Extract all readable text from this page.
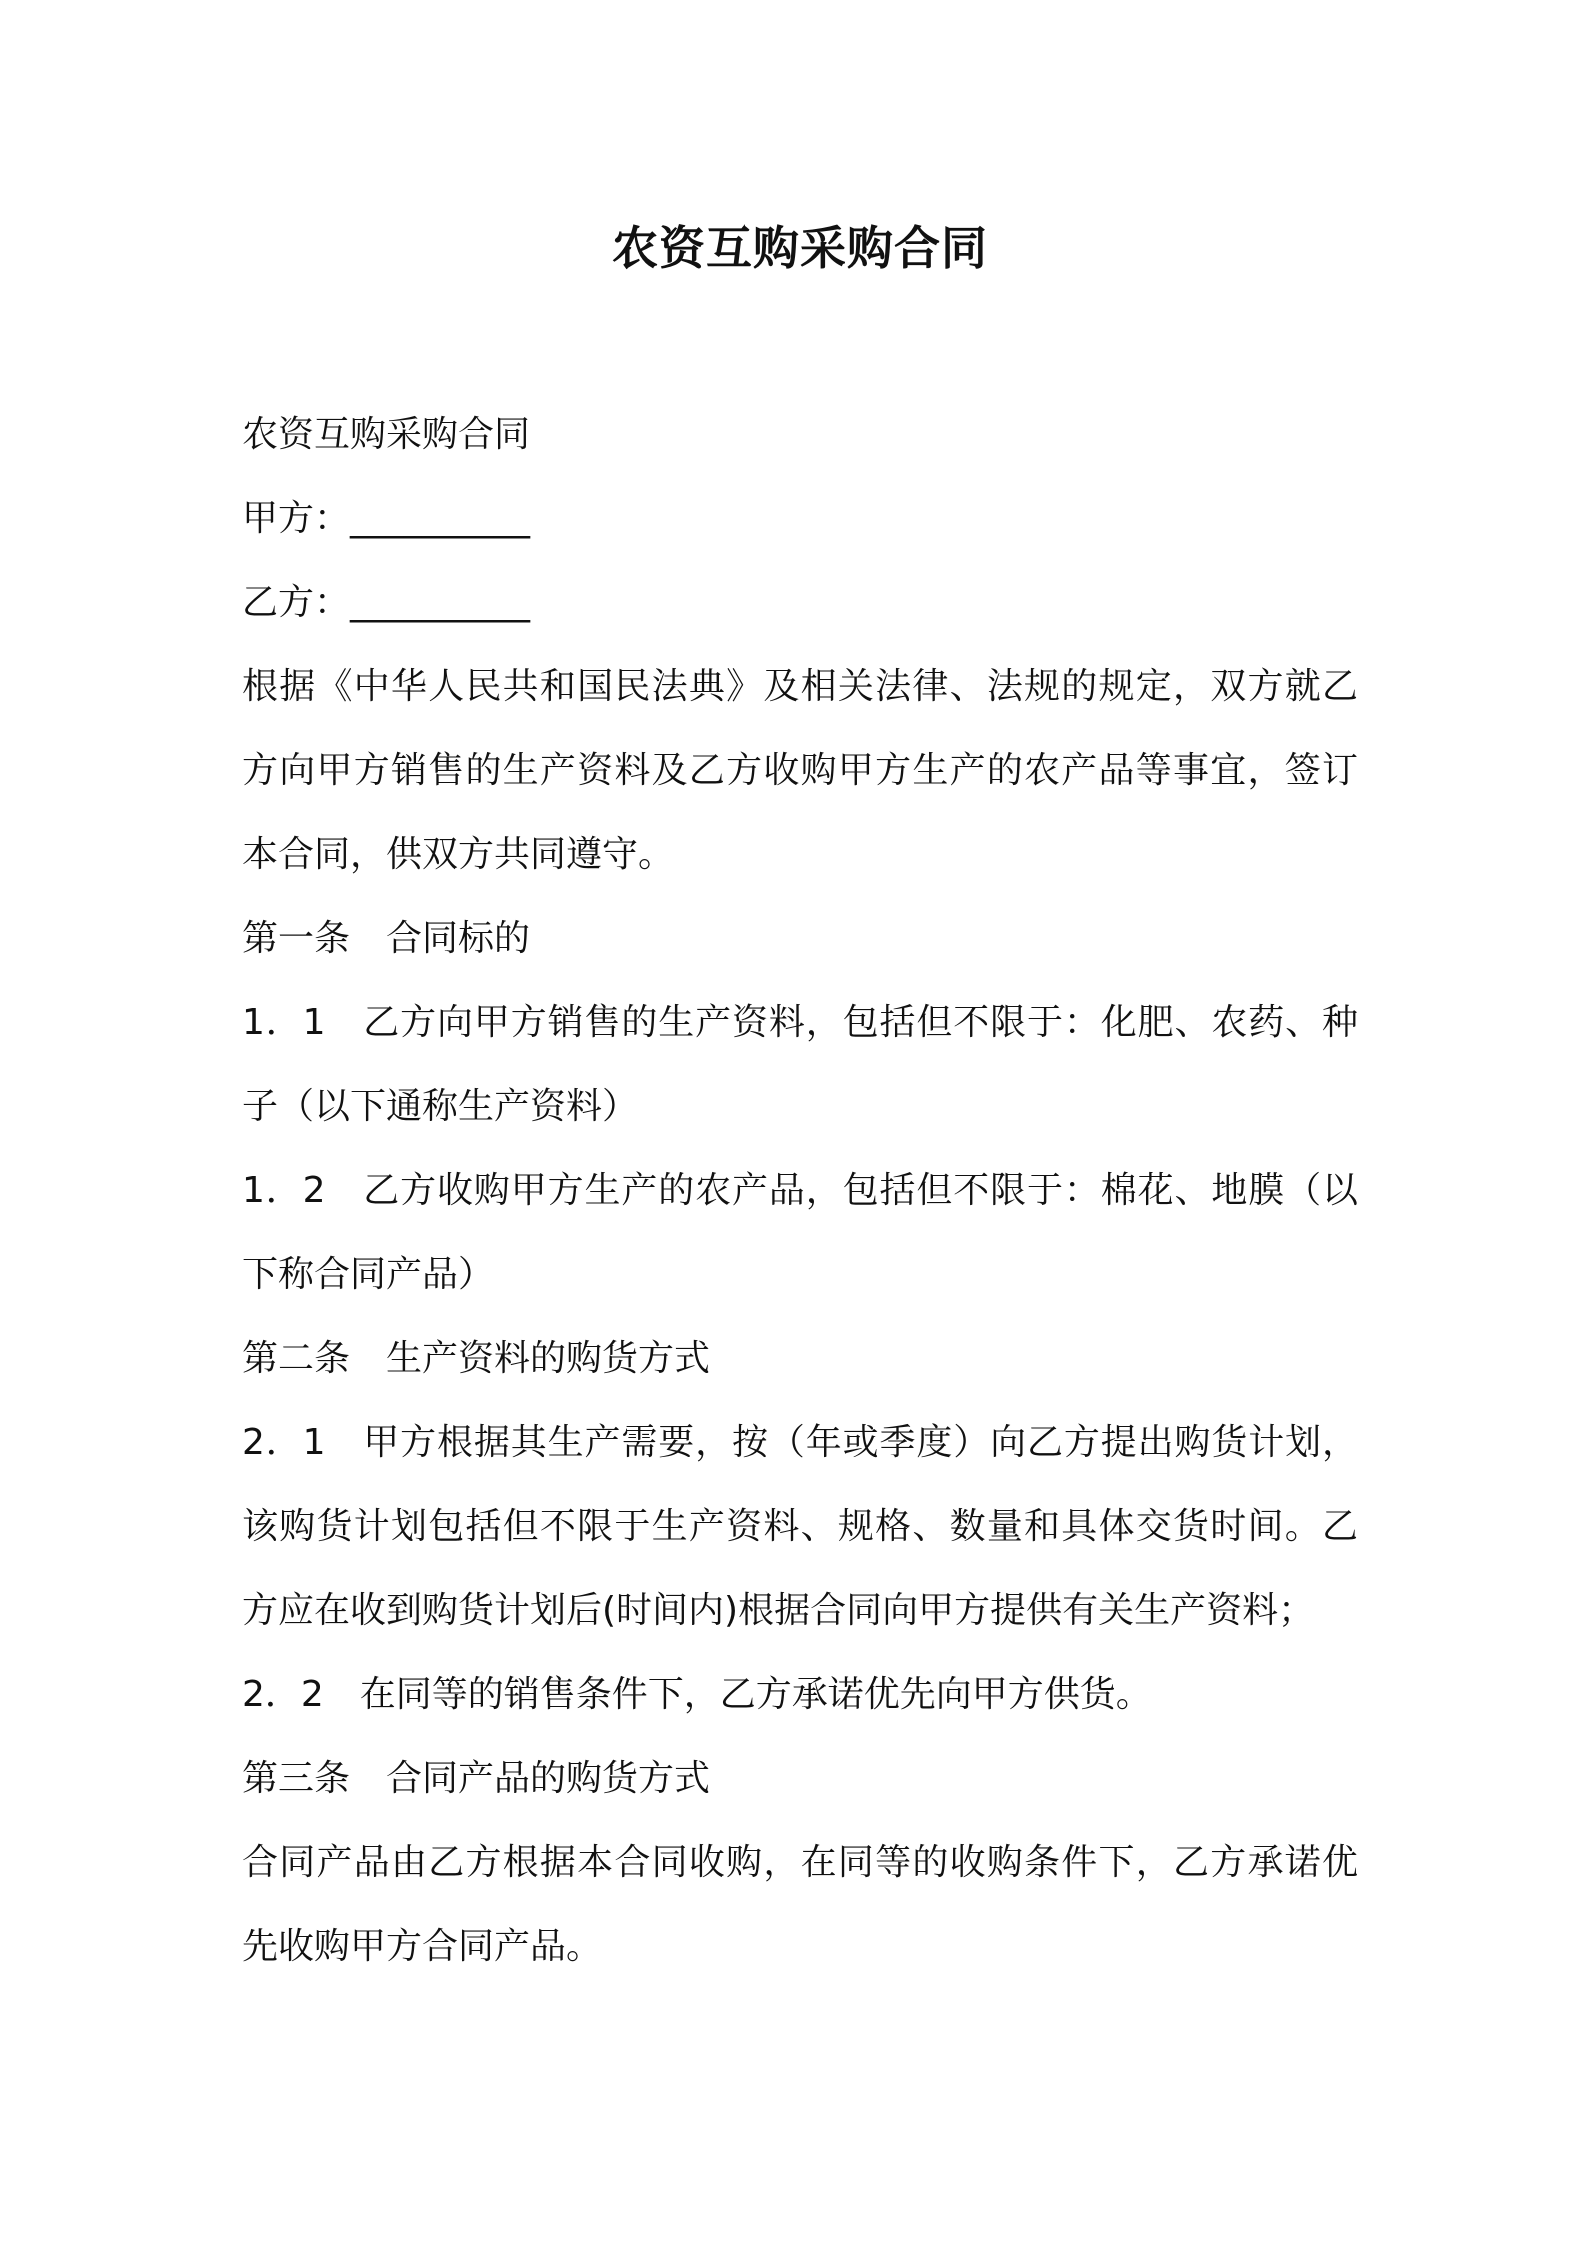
农资互购采购合同
农资互购采购合同
甲方：__________
乙方：__________
根据《中华人民共和国民法典》及相关法律、法规的规定，双方就乙
方向甲方销售的生产资料及乙方收购甲方生产的农产品等事宜，签订
本合同，供双方共同遵守。
第一条　合同标的
1．1　乙方向甲方销售的生产资料，包括但不限于：化肥、农药、种
子（以下通称生产资料）
1．2　乙方收购甲方生产的农产品，包括但不限于：棉花、地膜（以
下称合同产品）
第二条　生产资料的购货方式
2．1　甲方根据其生产需要，按（年或季度）向乙方提出购货计划，
该购货计划包括但不限于生产资料、规格、数量和具体交货时间。乙
方应在收到购货计划后(时间内)根据合同向甲方提供有关生产资料；
2．2　在同等的销售条件下，乙方承诺优先向甲方供货。
第三条　合同产品的购货方式
合同产品由乙方根据本合同收购，在同等的收购条件下，乙方承诺优
先收购甲方合同产品。
